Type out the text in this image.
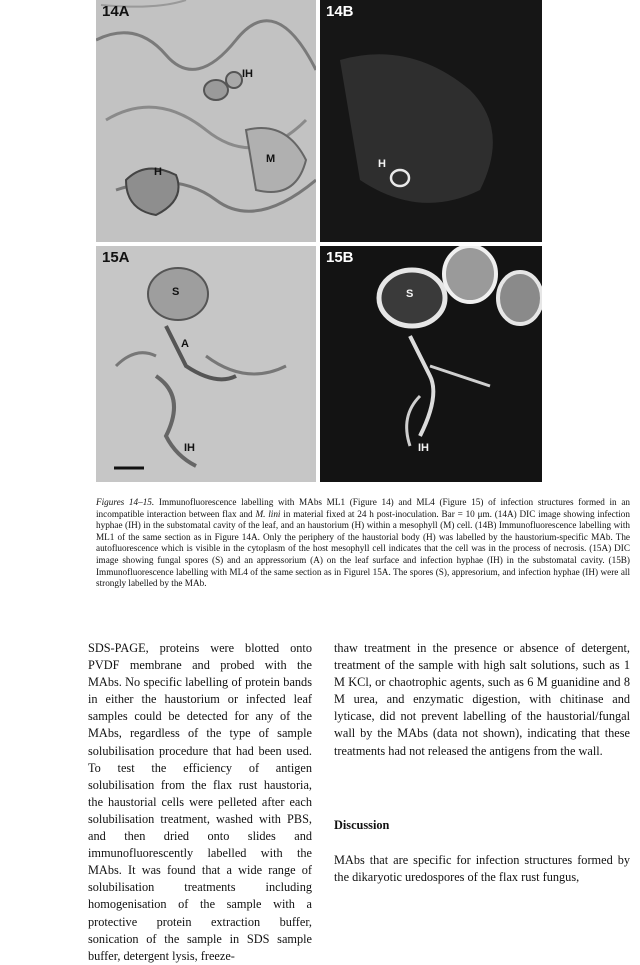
14A
IH
M
H
14B
H
15A
S
A
IH
15B
S
IH
Figures 14–15. Immunofluorescence labelling with MAbs ML1 (Figure 14) and ML4 (Figure 15) of infection structures formed in an incompatible interaction between flax and M. lini in material fixed at 24 h post-inoculation. Bar = 10 μm. (14A) DIC image showing infection hyphae (IH) in the substomatal cavity of the leaf, and an haustorium (H) within a mesophyll (M) cell. (14B) Immunofluorescence labelling with ML1 of the same section as in Figure 14A. Only the periphery of the haustorial body (H) was labelled by the haustorium-specific MAb. The autofluorescence which is visible in the cytoplasm of the host mesophyll cell indicates that the cell was in the process of necrosis. (15A) DIC image showing fungal spores (S) and an appressorium (A) on the leaf surface and infection hyphae (IH) in the substomatal cavity. (15B) Immunofluorescence labelling with ML4 of the same section as in Figurel 15A. The spores (S), appresorium, and infection hyphae (IH) were all strongly labelled by the MAb.
SDS-PAGE, proteins were blotted onto PVDF membrane and probed with the MAbs. No specific labelling of protein bands in either the haustorium or infected leaf samples could be detected for any of the MAbs, regardless of the type of sample solubilisation procedure that had been used. To test the efficiency of antigen solubilisation from the flax rust haustoria, the haustorial cells were pelleted after each solubilisation treatment, washed with PBS, and then dried onto slides and immunofluorescently labelled with the MAbs. It was found that a wide range of solubilisation treatments including homogenisation of the sample with a protective protein extraction buffer, sonication of the sample in SDS sample buffer, detergent lysis, freeze-
thaw treatment in the presence or absence of detergent, treatment of the sample with high salt solutions, such as 1 M KCl, or chaotrophic agents, such as 6 M guanidine and 8 M urea, and enzymatic digestion, with chitinase and lyticase, did not prevent labelling of the haustorial/fungal wall by the MAbs (data not shown), indicating that these treatments had not released the antigens from the wall.
Discussion
MAbs that are specific for infection structures formed by the dikaryotic uredospores of the flax rust fungus,
